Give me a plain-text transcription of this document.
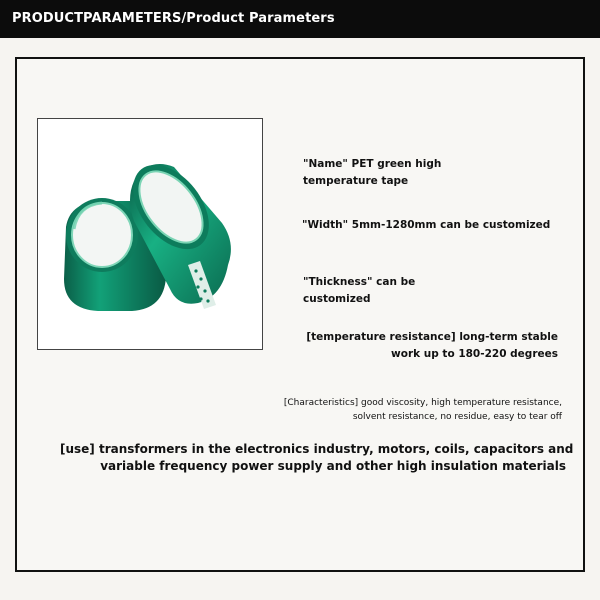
PRODUCTPARAMETERS/Product Parameters
"Name" PET green high
temperature tape
"Width" 5mm-1280mm can be customized
"Thickness" can be
customized
[temperature resistance] long-term stable
work up to 180-220 degrees
[Characteristics] good viscosity, high temperature resistance,
solvent resistance, no residue, easy to tear off
[use] transformers in the electronics industry, motors, coils, capacitors and
variable frequency power supply and other high insulation materials
